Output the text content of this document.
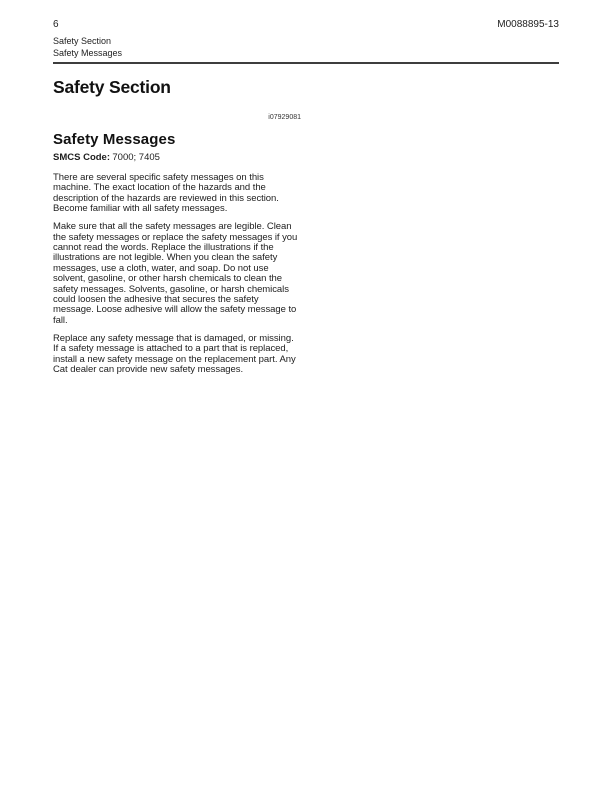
6	M0088895-13
Safety Section
Safety Messages
Safety Section
i07929081
Safety Messages

SMCS Code: 7000; 7405

There are several specific safety messages on this machine. The exact location of the hazards and the description of the hazards are reviewed in this section. Become familiar with all safety messages.

Make sure that all the safety messages are legible. Clean the safety messages or replace the safety messages if you cannot read the words. Replace the illustrations if the illustrations are not legible. When you clean the safety messages, use a cloth, water, and soap. Do not use solvent, gasoline, or other harsh chemicals to clean the safety messages. Solvents, gasoline, or harsh chemicals could loosen the adhesive that secures the safety message. Loose adhesive will allow the safety message to fall.

Replace any safety message that is damaged, or missing. If a safety message is attached to a part that is replaced, install a new safety message on the replacement part. Any Cat dealer can provide new safety messages.
